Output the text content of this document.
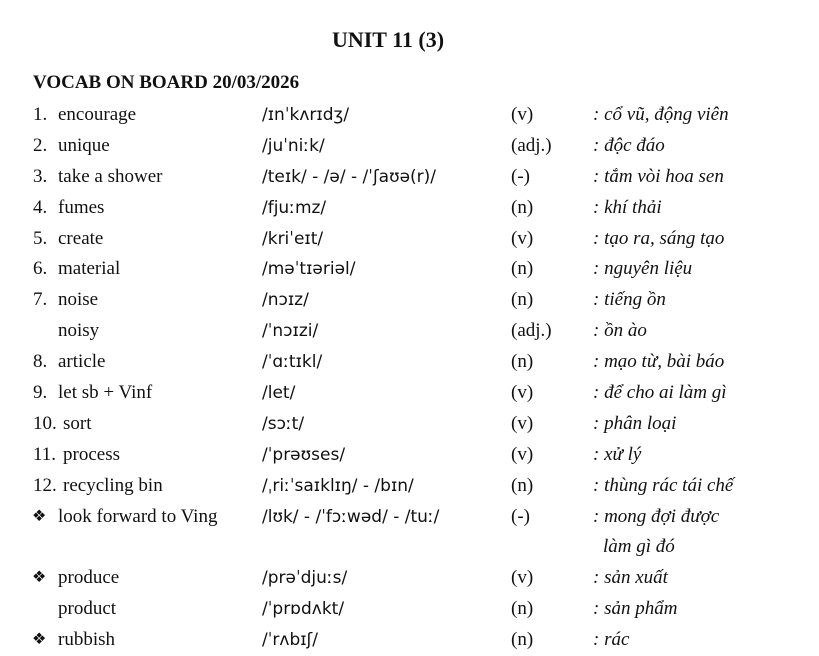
UNIT 11 (3)
VOCAB ON BOARD 20/03/2026
1. encourage	/ɪnˈkʌrɪdʒ/	(v)	: cổ vũ, động viên
2. unique	/juˈniːk/	(adj.) : độc đáo
3. take a shower	/teɪk/ - /ə/ - /ˈʃaʊə(r)/	(-)	: tắm vòi hoa sen
4. fumes	/fjuːmz/	(n)	: khí thải
5. create	/kriˈeɪt/	(v)	: tạo ra, sáng tạo
6. material	/məˈtɪəriəl/	(n)	: nguyên liệu
7. noise	/nɔɪz/	(n)	: tiếng ồn
noisy	/ˈnɔɪzi/	(adj.) : ồn ào
8. article	/ˈɑːtɪkl/	(n)	: mạo từ, bài báo
9. let sb + Vinf	/let/	(v)	: để cho ai làm gì
10. sort	/sɔːt/	(v)	: phân loại
11. process	/ˈprəʊses/	(v)	: xử lý
12. recycling bin	/ˌriːˈsaɪklɪŋ/ - /bɪn/	(n)	: thùng rác tái chế
❖ look forward to Ving	/lʊk/ - /ˈfɔːwəd/ - /tuː/	(-)	: mong đợi được
làm gì đó
❖ produce	/prəˈdjuːs/	(v)	: sản xuất
product	/ˈprɒdʌkt/	(n)	: sản phẩm
❖ rubbish	/ˈrʌbɪʃ/	(n)	: rác
